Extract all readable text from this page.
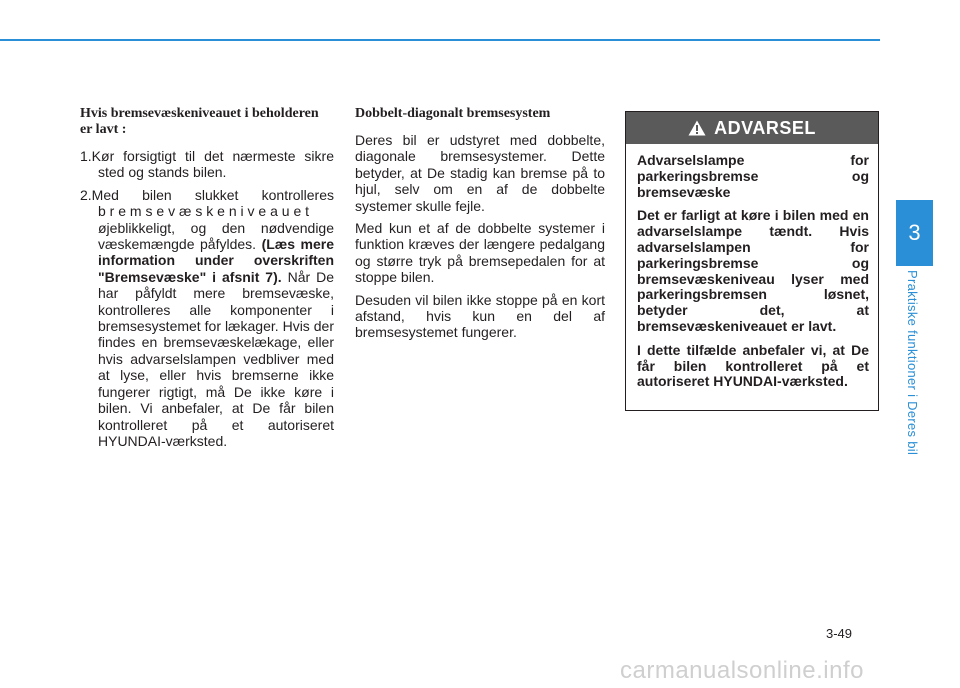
Hvis bremsevæskeniveauet i beholderen er lavt :
1.Kør forsigtigt til det nærmeste sikre sted og stands bilen.
2.Med bilen slukket kontrolleres bremsevæskeniveauet øjeblikkeligt, og den nødvendige væskemængde påfyldes. (Læs mere information under overskriften "Bremsevæske" i afsnit 7). Når De har påfyldt mere bremsevæske, kontrolleres alle komponenter i bremsesystemet for lækager. Hvis der findes en bremsevæskelækage, eller hvis advarselslampen vedbliver med at lyse, eller hvis bremserne ikke fungerer rigtigt, må De ikke køre i bilen. Vi anbefaler, at De får bilen kontrolleret på et autoriseret HYUNDAI-værksted.
Dobbelt-diagonalt bremsesystem

Deres bil er udstyret med dobbelte, diagonale bremsesystemer. Dette betyder, at De stadig kan bremse på to hjul, selv om en af de dobbelte systemer skulle fejle.

Med kun et af de dobbelte systemer i funktion kræves der længere pedalgang og større tryk på bremsepedalen for at stoppe bilen.

Desuden vil bilen ikke stoppe på en kort afstand, hvis kun en del af bremsesystemet fungerer.

ADVARSEL

Advarselslampe for parkeringsbremse og bremsevæske

Det er farligt at køre i bilen med en advarselslampe tændt. Hvis advarselslampen for parkeringsbremse og bremsevæskeniveau lyser med parkeringsbremsen løsnet, betyder det, at bremsevæskeniveauet er lavt.

I dette tilfælde anbefaler vi, at De får bilen kontrolleret på et autoriseret HYUNDAI-værksted.

3
Praktiske funktioner i Deres bil
3-49
carmanualsonline.info
